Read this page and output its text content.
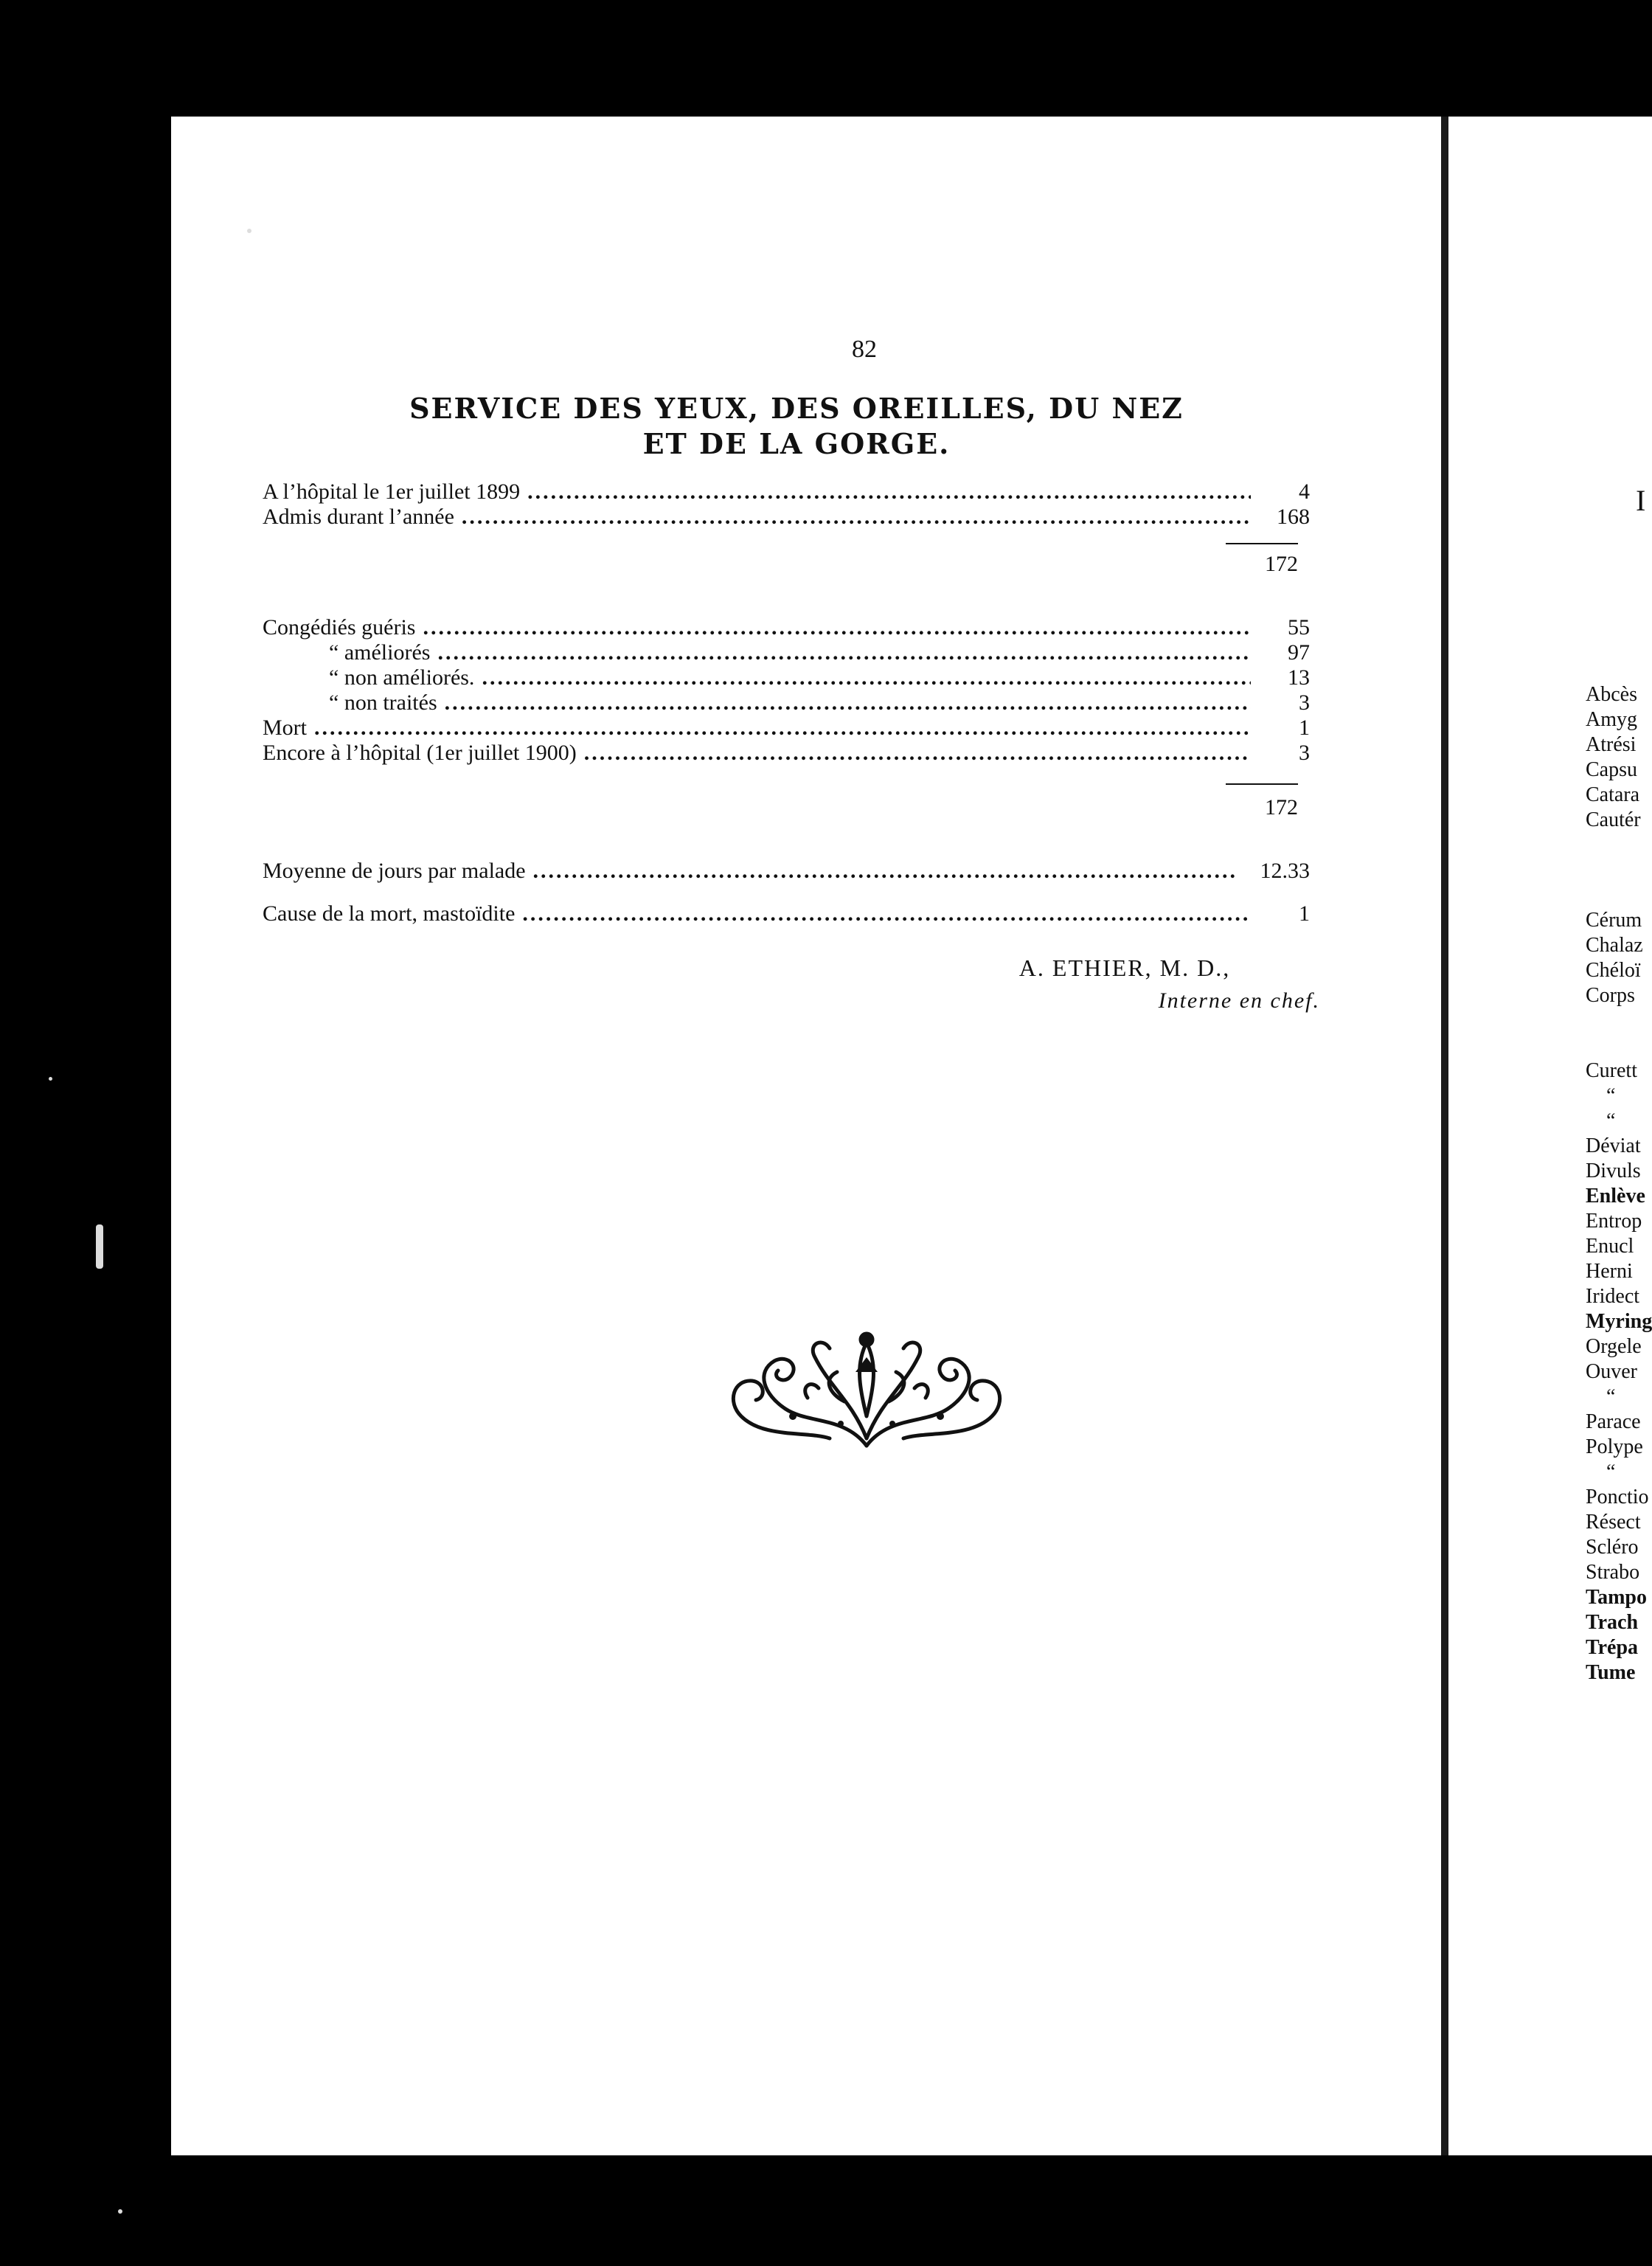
82
SERVICE DES YEUX, DES OREILLES, DU NEZ
ET DE LA GORGE.
A l’hôpital le 1er juillet 1899 .....	4
Admis durant l’année .....	168
172
Congédiés guéris .....	55
“ améliorés .....	97
“ non améliorés. .....	13
“ non traités .....	3
Mort .....	1
Encore à l’hôpital (1er juillet 1900) .....	3
172
Moyenne de jours par malade .....	12.33
Cause de la mort, mastoïdite .....	1
A. ETHIER, M. D.,
Interne en chef.
I
Abcès
Amyg
Atrési
Capsu
Catara
Cautér

Cérum
Chalaz
Chéloï
Corps

Curett
“
“
Déviat
Divuls
Enlève
Entrop
Enucl
Herni
Iridect
Myring
Orgele
Ouver
“
Parace
Polype
“
Ponctio
Résect
Scléro
Strabo
Tampo
Trach
Trépa
Tume
